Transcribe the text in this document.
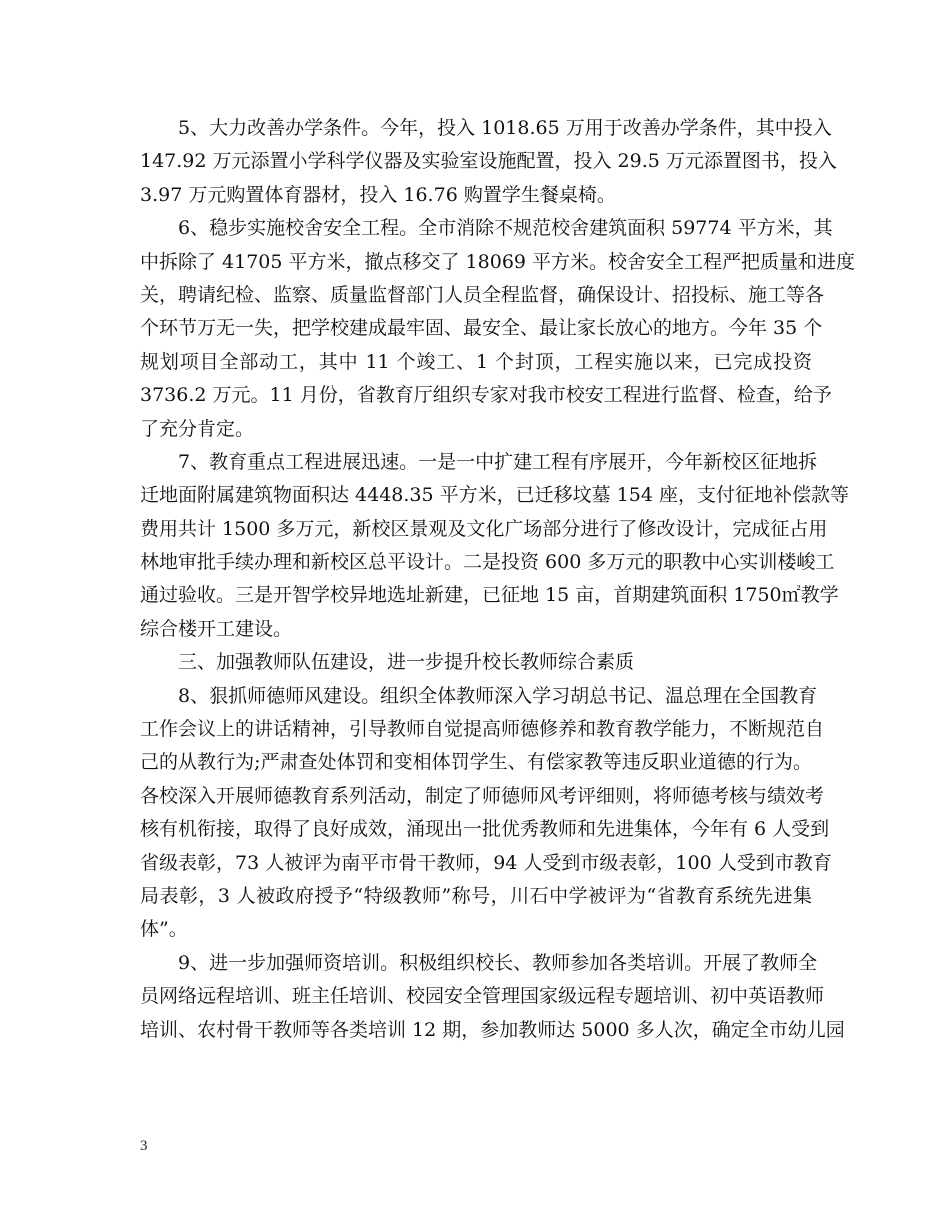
5、大力改善办学条件。今年，投入 1018.65 万用于改善办学条件，其中投入
147.92 万元添置小学科学仪器及实验室设施配置，投入 29.5 万元添置图书，投入
3.97 万元购置体育器材，投入 16.76 购置学生餐桌椅。
6、稳步实施校舍安全工程。全市消除不规范校舍建筑面积 59774 平方米，其
中拆除了 41705 平方米，撤点移交了 18069 平方米。校舍安全工程严把质量和进度
关，聘请纪检、监察、质量监督部门人员全程监督，确保设计、招投标、施工等各
个环节万无一失，把学校建成最牢固、最安全、最让家长放心的地方。今年 35 个
规划项目全部动工，其中 11 个竣工、1 个封顶，工程实施以来，已完成投资
3736.2 万元。11 月份，省教育厅组织专家对我市校安工程进行监督、检查，给予
了充分肯定。
7、教育重点工程进展迅速。一是一中扩建工程有序展开，今年新校区征地拆
迁地面附属建筑物面积达 4448.35 平方米，已迁移坟墓 154 座，支付征地补偿款等
费用共计 1500 多万元，新校区景观及文化广场部分进行了修改设计，完成征占用
林地审批手续办理和新校区总平设计。二是投资 600 多万元的职教中心实训楼峻工
通过验收。三是开智学校异地选址新建，已征地 15 亩，首期建筑面积 1750㎡教学
综合楼开工建设。
三、加强教师队伍建设，进一步提升校长教师综合素质
8、狠抓师德师风建设。组织全体教师深入学习胡总书记、温总理在全国教育
工作会议上的讲话精神，引导教师自觉提高师德修养和教育教学能力，不断规范自
己的从教行为;严肃查处体罚和变相体罚学生、有偿家教等违反职业道德的行为。
各校深入开展师德教育系列活动，制定了师德师风考评细则，将师德考核与绩效考
核有机衔接，取得了良好成效，涌现出一批优秀教师和先进集体，今年有 6 人受到
省级表彰，73 人被评为南平市骨干教师，94 人受到市级表彰，100 人受到市教育
局表彰，3 人被政府授予“特级教师”称号，川石中学被评为“省教育系统先进集
体”。
9、进一步加强师资培训。积极组织校长、教师参加各类培训。开展了教师全
员网络远程培训、班主任培训、校园安全管理国家级远程专题培训、初中英语教师
培训、农村骨干教师等各类培训 12 期，参加教师达 5000 多人次，确定全市幼儿园
3
